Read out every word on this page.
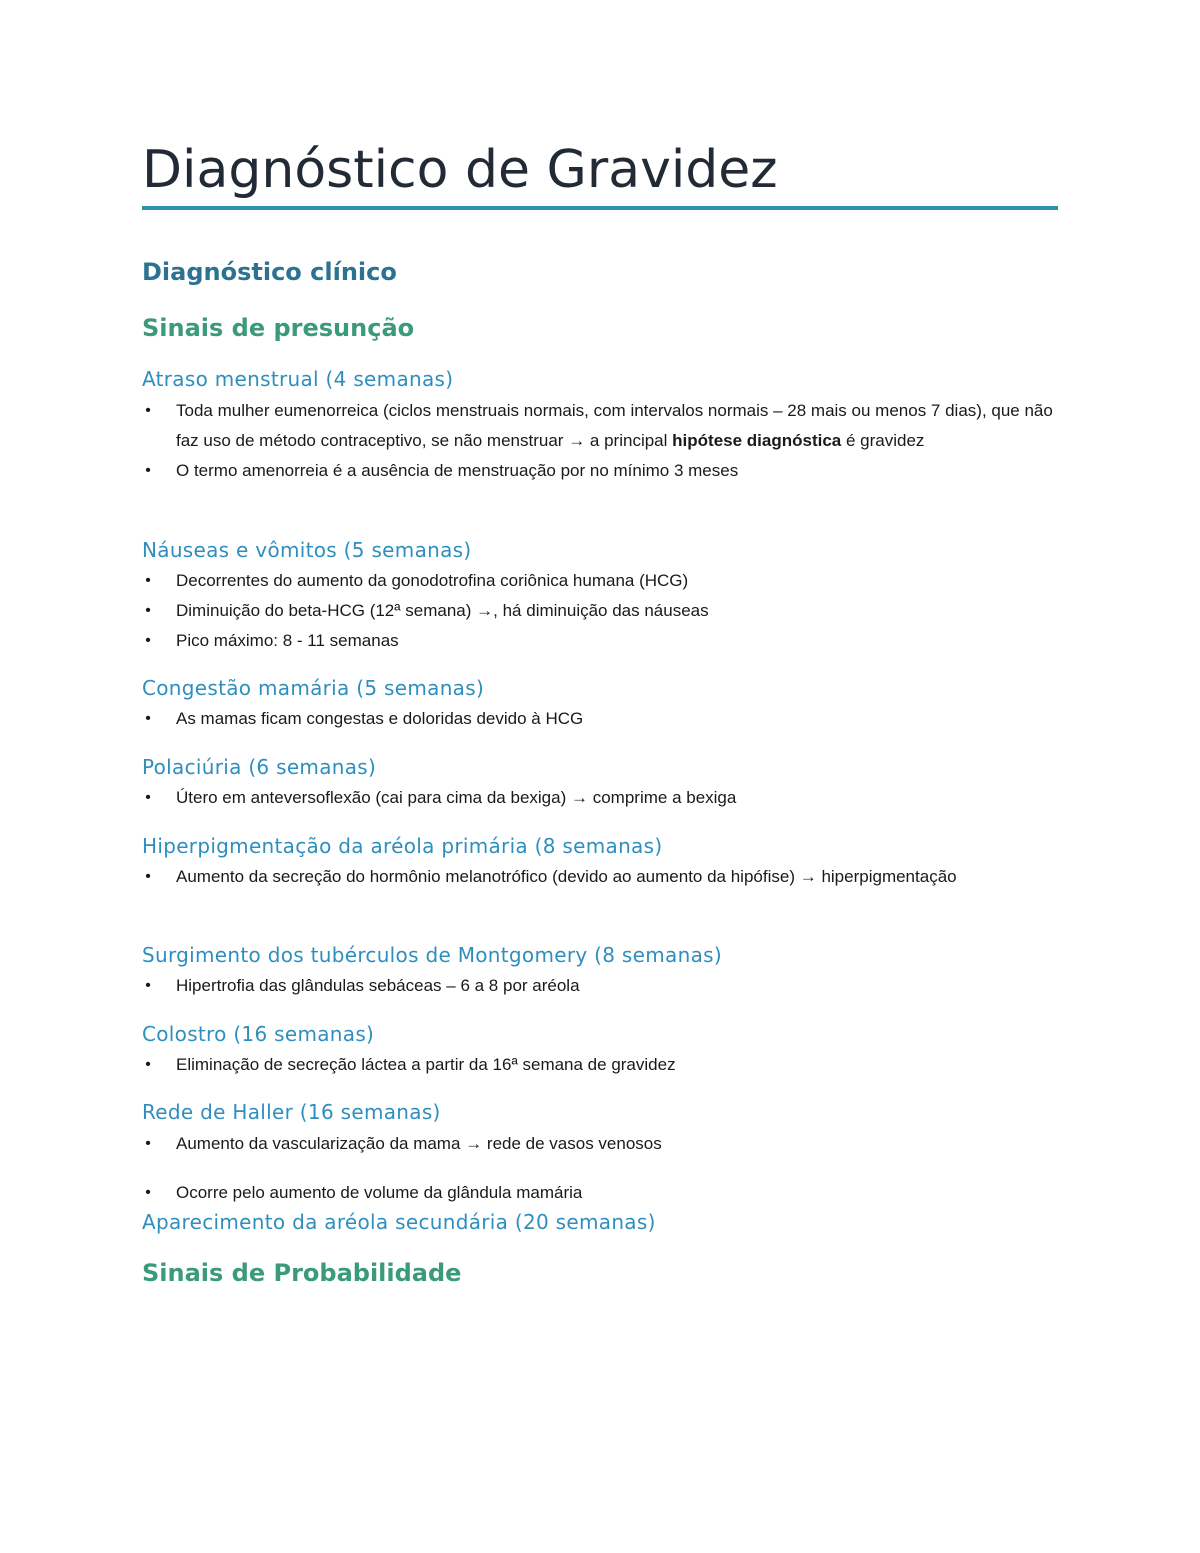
Diagnóstico de Gravidez
Diagnóstico clínico
Sinais de presunção
Atraso menstrual (4 semanas)
• Toda mulher eumenorreica (ciclos menstruais normais, com intervalos normais – 28 mais ou menos 7 dias), que não faz uso de método contraceptivo, se não menstruar → a principal hipótese diagnóstica é gravidez
• O termo amenorreia é a ausência de menstruação por no mínimo 3 meses
Náuseas e vômitos (5 semanas)
• Decorrentes do aumento da gonodotrofina coriônica humana (HCG)
• Diminuição do beta-HCG (12ª semana) →, há diminuição das náuseas
• Pico máximo: 8 - 11 semanas
Congestão mamária (5 semanas)
• As mamas ficam congestas e doloridas devido à HCG
Polaciúria (6 semanas)
• Útero em anteversoflexão (cai para cima da bexiga) → comprime a bexiga
Hiperpigmentação da aréola primária (8 semanas)
• Aumento da secreção do hormônio melanotrófico (devido ao aumento da hipófise) → hiperpigmentação
Surgimento dos tubérculos de Montgomery (8 semanas)
• Hipertrofia das glândulas sebáceas – 6 a 8 por aréola
Colostro (16 semanas)
• Eliminação de secreção láctea a partir da 16ª semana de gravidez
Rede de Haller (16 semanas)
• Aumento da vascularização da mama → rede de vasos venosos
• Ocorre pelo aumento de volume da glândula mamária
Aparecimento da aréola secundária (20 semanas)
Sinais de Probabilidade
